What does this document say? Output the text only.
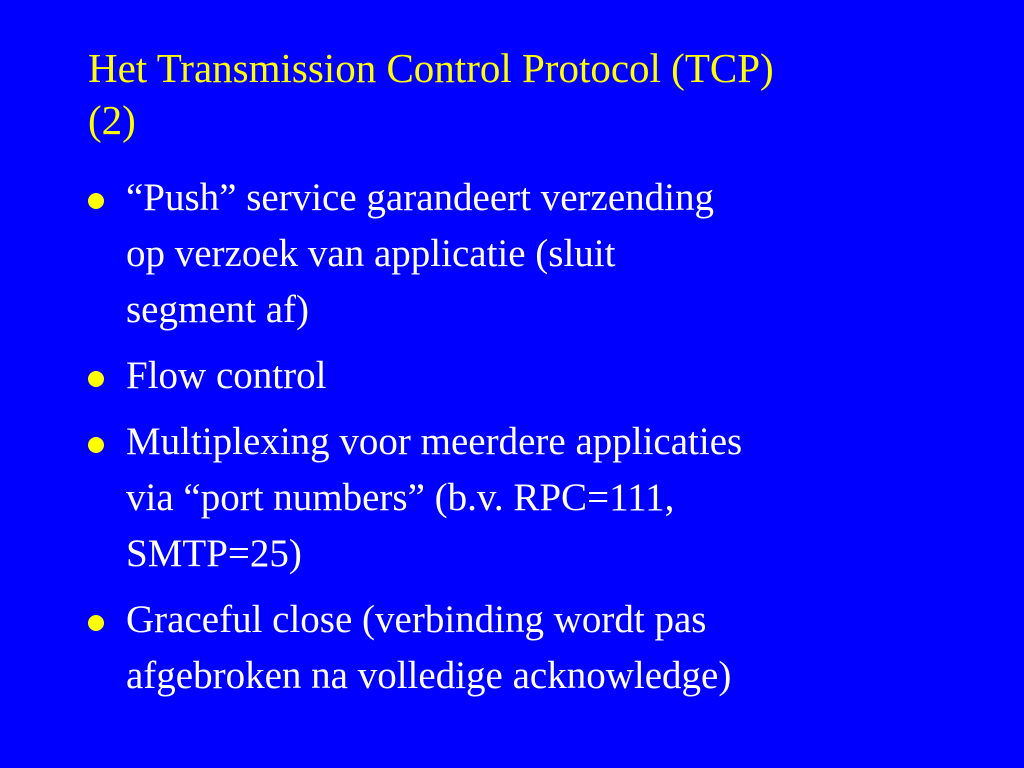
Het Transmission Control Protocol (TCP)
(2)
“Push” service garandeert verzending
op verzoek van applicatie (sluit
segment af)
Flow control
Multiplexing voor meerdere applicaties
via “port numbers” (b.v. RPC=111,
SMTP=25)
Graceful close (verbinding wordt pas
afgebroken na volledige acknowledge)
